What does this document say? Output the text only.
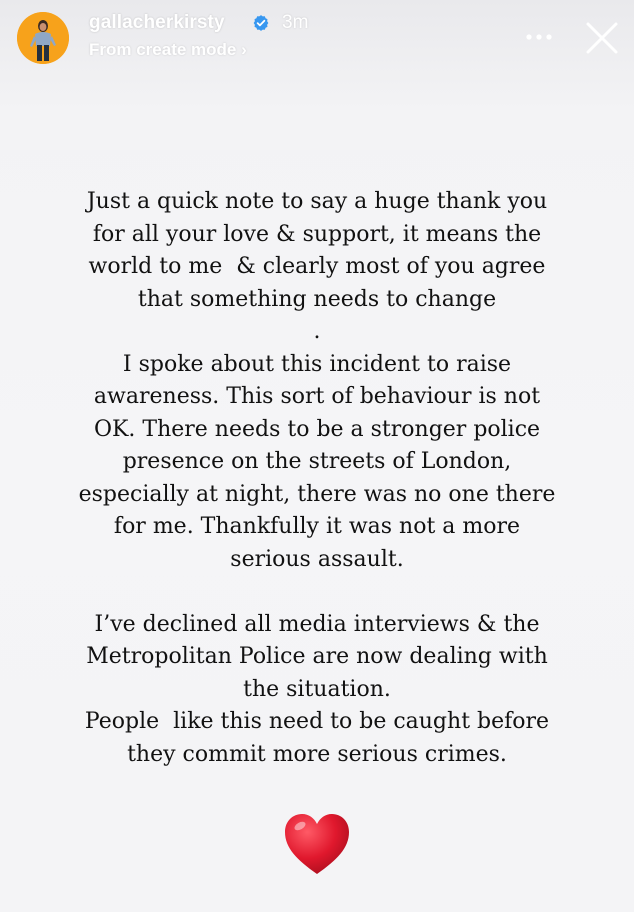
gallacherkirsty	3m
From create mode ›
Just a quick note to say a huge thank you
for all your love & support, it means the
world to me  & clearly most of you agree
that something needs to change
.
I spoke about this incident to raise
awareness. This sort of behaviour is not
OK. There needs to be a stronger police
presence on the streets of London,
especially at night, there was no one there
for me. Thankfully it was not a more
serious assault.
I’ve declined all media interviews & the
Metropolitan Police are now dealing with
the situation.
People  like this need to be caught before
they commit more serious crimes.
